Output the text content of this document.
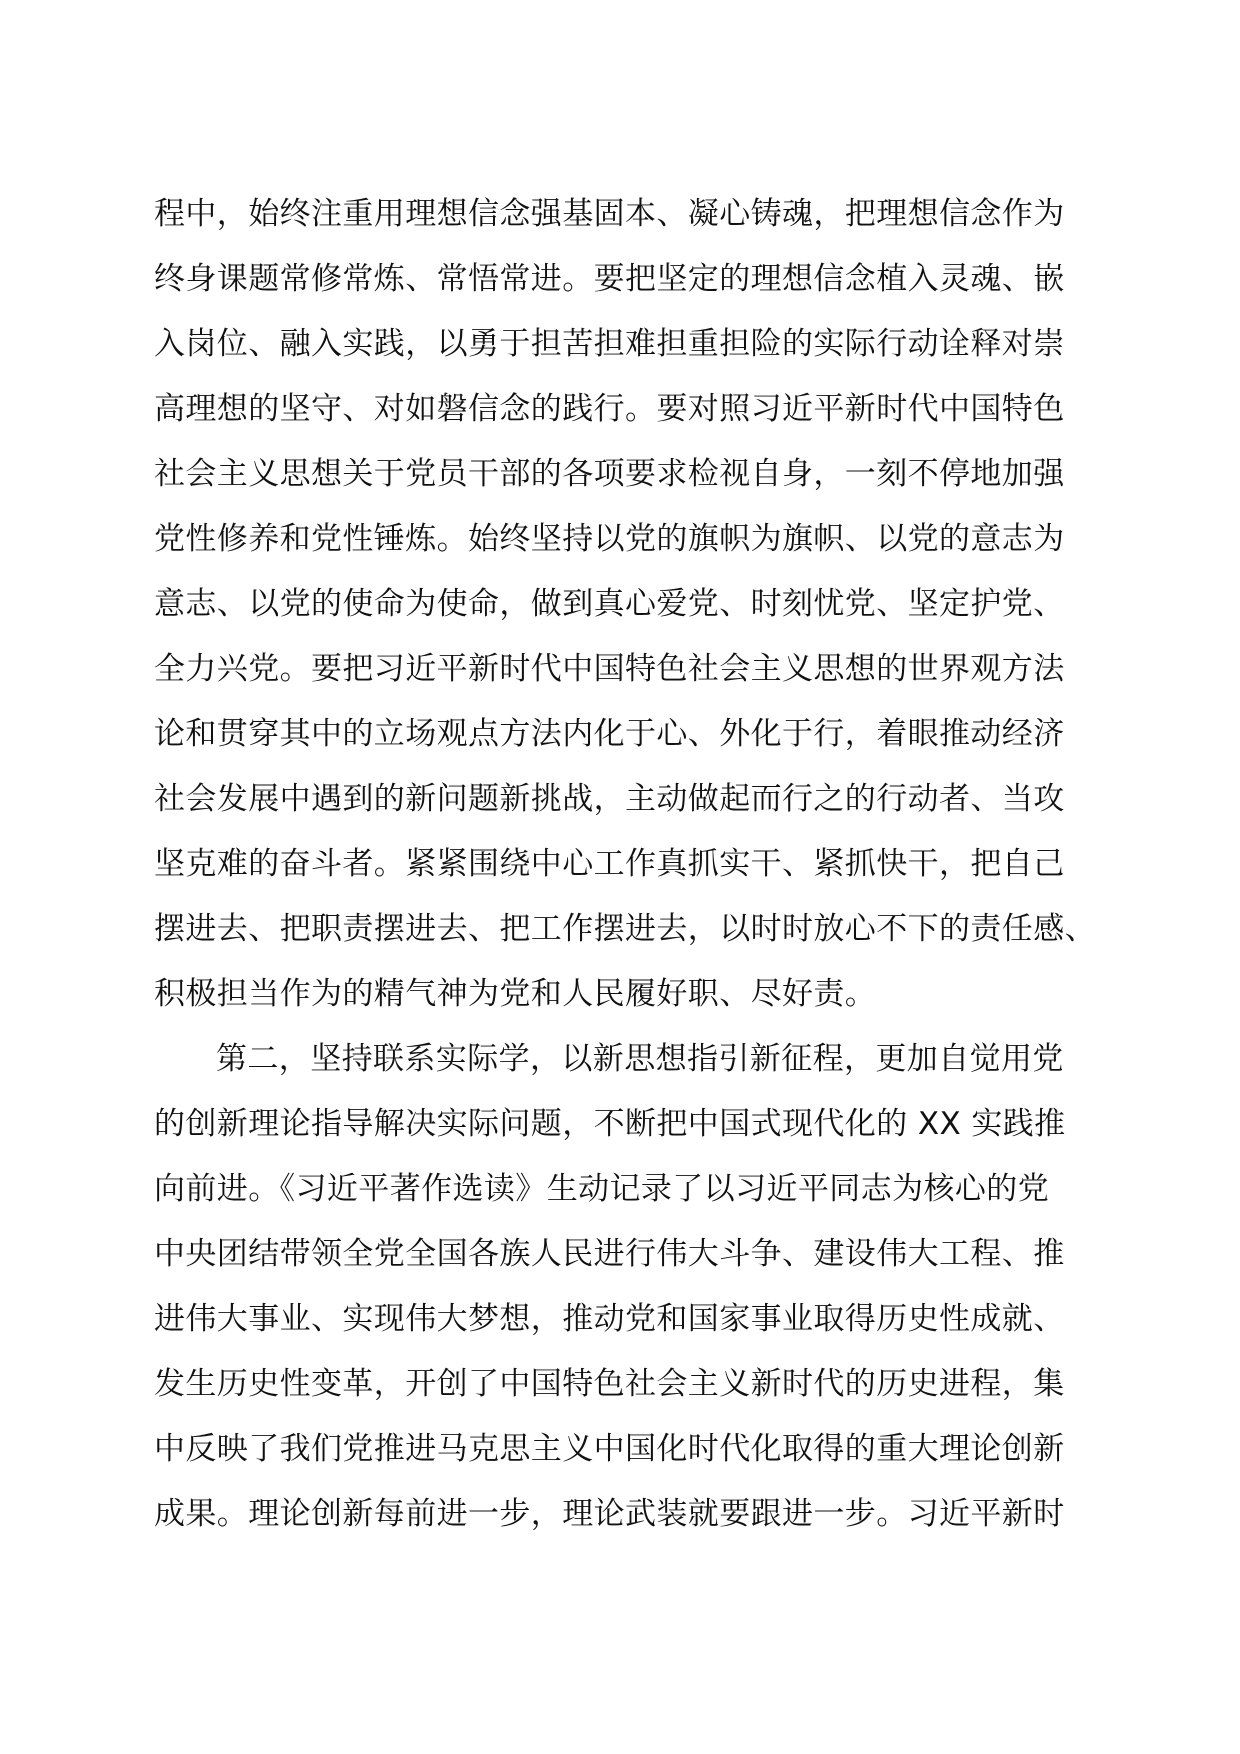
程中，始终注重用理想信念强基固本、凝心铸魂，把理想信念作为
终身课题常修常炼、常悟常进。要把坚定的理想信念植入灵魂、嵌
入岗位、融入实践，以勇于担苦担难担重担险的实际行动诠释对崇
高理想的坚守、对如磐信念的践行。要对照习近平新时代中国特色
社会主义思想关于党员干部的各项要求检视自身，一刻不停地加强
党性修养和党性锤炼。始终坚持以党的旗帜为旗帜、以党的意志为
意志、以党的使命为使命，做到真心爱党、时刻忧党、坚定护党、
全力兴党。要把习近平新时代中国特色社会主义思想的世界观方法
论和贯穿其中的立场观点方法内化于心、外化于行，着眼推动经济
社会发展中遇到的新问题新挑战，主动做起而行之的行动者、当攻
坚克难的奋斗者。紧紧围绕中心工作真抓实干、紧抓快干，把自己
摆进去、把职责摆进去、把工作摆进去，以时时放心不下的责任感、
积极担当作为的精气神为党和人民履好职、尽好责。
第二，坚持联系实际学，以新思想指引新征程，更加自觉用党
的创新理论指导解决实际问题，不断把中国式现代化的 XX 实践推
向前进。《习近平著作选读》生动记录了以习近平同志为核心的党
中央团结带领全党全国各族人民进行伟大斗争、建设伟大工程、推
进伟大事业、实现伟大梦想，推动党和国家事业取得历史性成就、
发生历史性变革，开创了中国特色社会主义新时代的历史进程，集
中反映了我们党推进马克思主义中国化时代化取得的重大理论创新
成果。理论创新每前进一步，理论武装就要跟进一步。习近平新时
